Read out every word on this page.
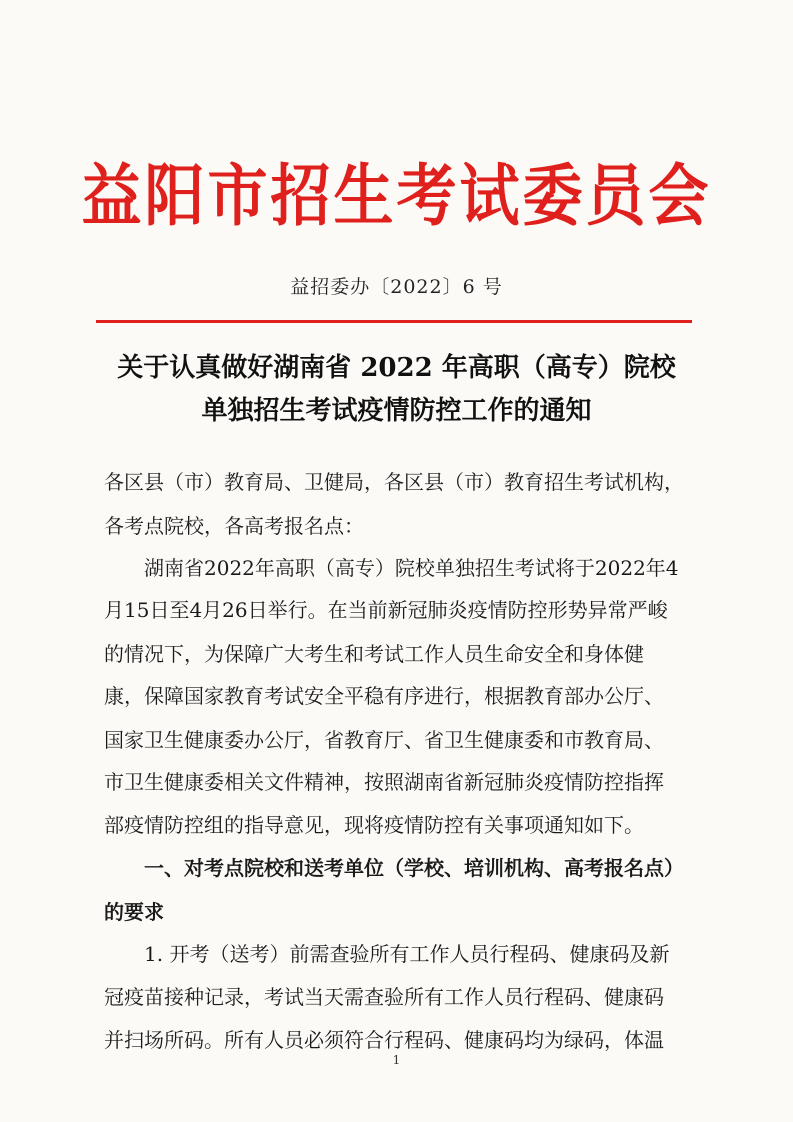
益阳市招生考试委员会
益招委办〔2022〕6 号
关于认真做好湖南省 2022 年高职（高专）院校
单独招生考试疫情防控工作的通知
各区县（市）教育局、卫健局，各区县（市）教育招生考试机构，
各考点院校，各高考报名点：
　　湖南省2022年高职（高专）院校单独招生考试将于2022年4
月15日至4月26日举行。在当前新冠肺炎疫情防控形势异常严峻
的情况下，为保障广大考生和考试工作人员生命安全和身体健
康，保障国家教育考试安全平稳有序进行，根据教育部办公厅、
国家卫生健康委办公厅，省教育厅、省卫生健康委和市教育局、
市卫生健康委相关文件精神，按照湖南省新冠肺炎疫情防控指挥
部疫情防控组的指导意见，现将疫情防控有关事项通知如下。
　　一、对考点院校和送考单位（学校、培训机构、高考报名点）
的要求
　　1. 开考（送考）前需查验所有工作人员行程码、健康码及新
冠疫苗接种记录，考试当天需查验所有工作人员行程码、健康码
并扫场所码。所有人员必须符合行程码、健康码均为绿码，体温
1
